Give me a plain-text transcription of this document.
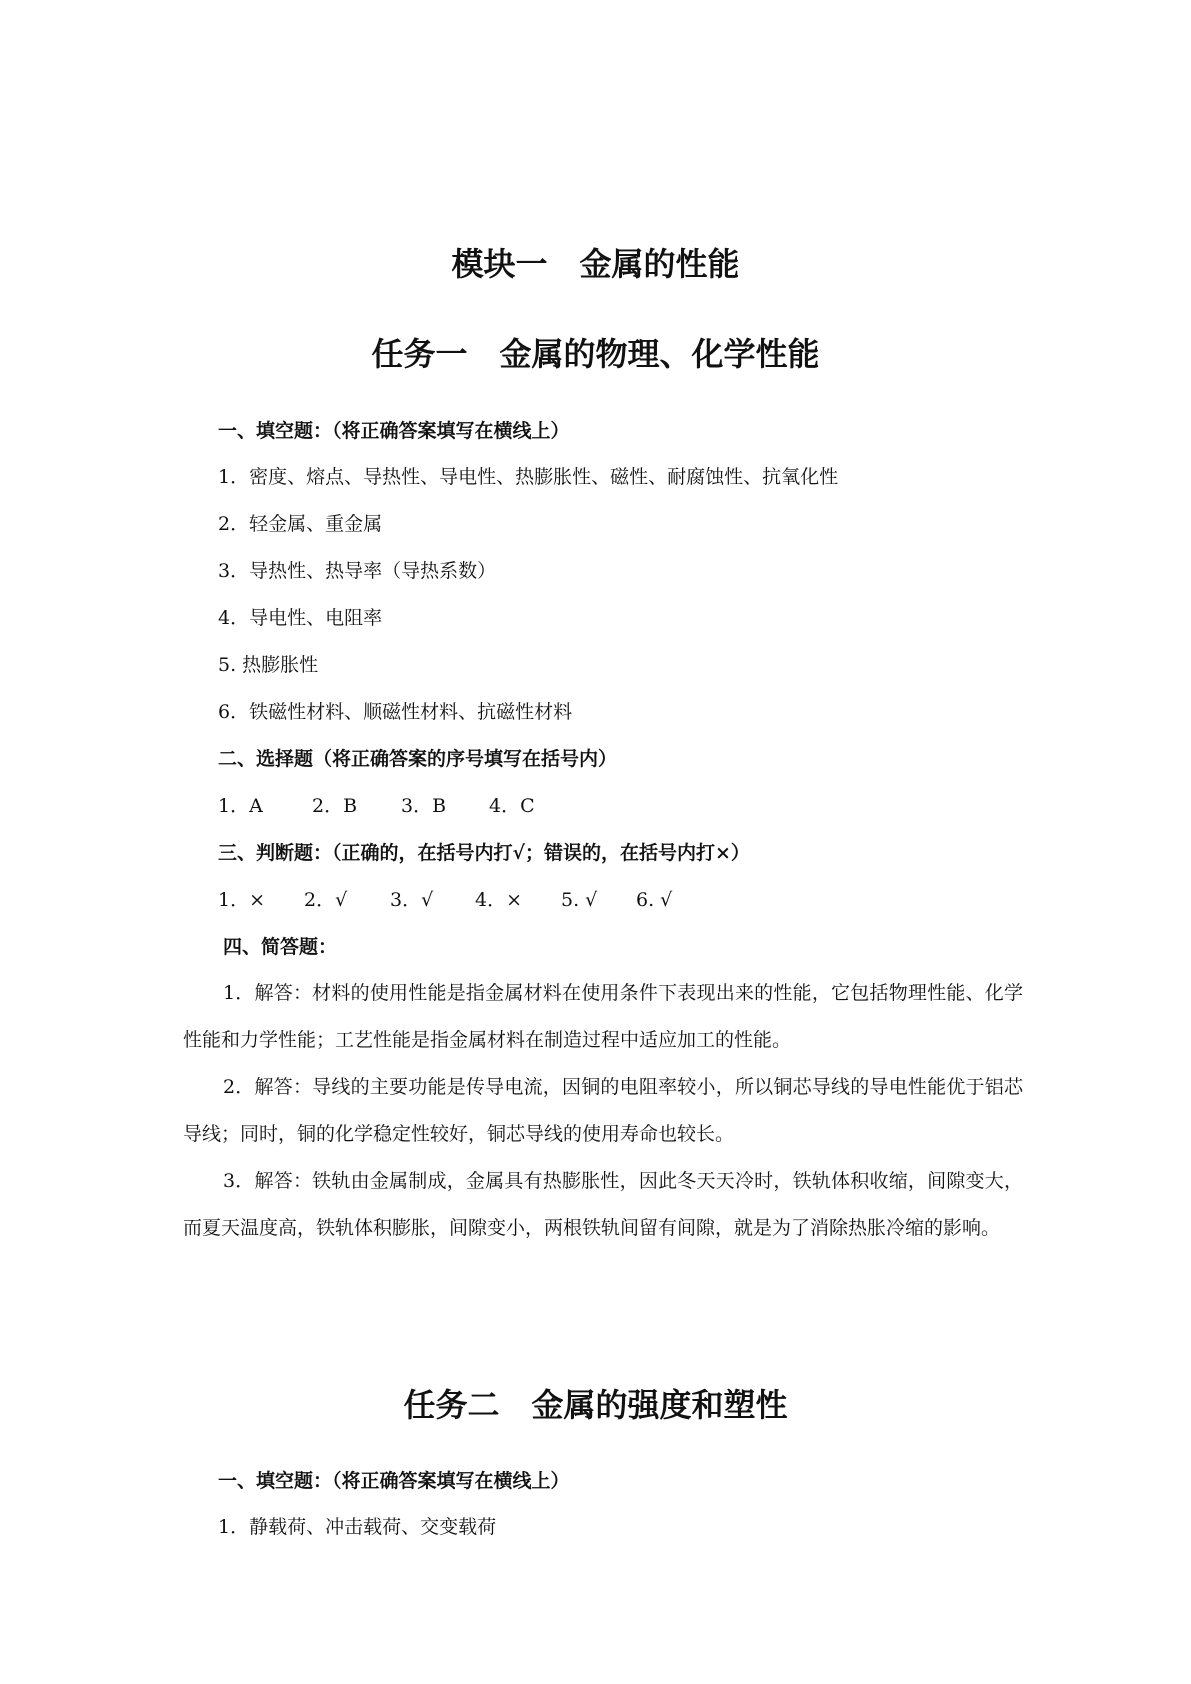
模块一　金属的性能
任务一　金属的物理、化学性能
一、填空题：（将正确答案填写在横线上）
1．密度、熔点、导热性、导电性、热膨胀性、磁性、耐腐蚀性、抗氧化性
2．轻金属、重金属
3．导热性、热导率（导热系数）
4．导电性、电阻率
5. 热膨胀性
6．铁磁性材料、顺磁性材料、抗磁性材料
二、选择题（将正确答案的序号填写在括号内）
1．A	2．B 3．B 4．C
三、判断题：（正确的，在括号内打√；错误的，在括号内打×）
1．× 2．√ 3．√ 4．× 5. √ 6. √
四、简答题：
1．解答：材料的使用性能是指金属材料在使用条件下表现出来的性能，它包括物理性能、化学性能和力学性能；工艺性能是指金属材料在制造过程中适应加工的性能。
2．解答：导线的主要功能是传导电流，因铜的电阻率较小，所以铜芯导线的导电性能优于铝芯导线；同时，铜的化学稳定性较好，铜芯导线的使用寿命也较长。
3．解答：铁轨由金属制成，金属具有热膨胀性，因此冬天天冷时，铁轨体积收缩，间隙变大，而夏天温度高，铁轨体积膨胀，间隙变小，两根铁轨间留有间隙，就是为了消除热胀冷缩的影响。
任务二　金属的强度和塑性
一、填空题：（将正确答案填写在横线上）
1．静载荷、冲击载荷、交变载荷
